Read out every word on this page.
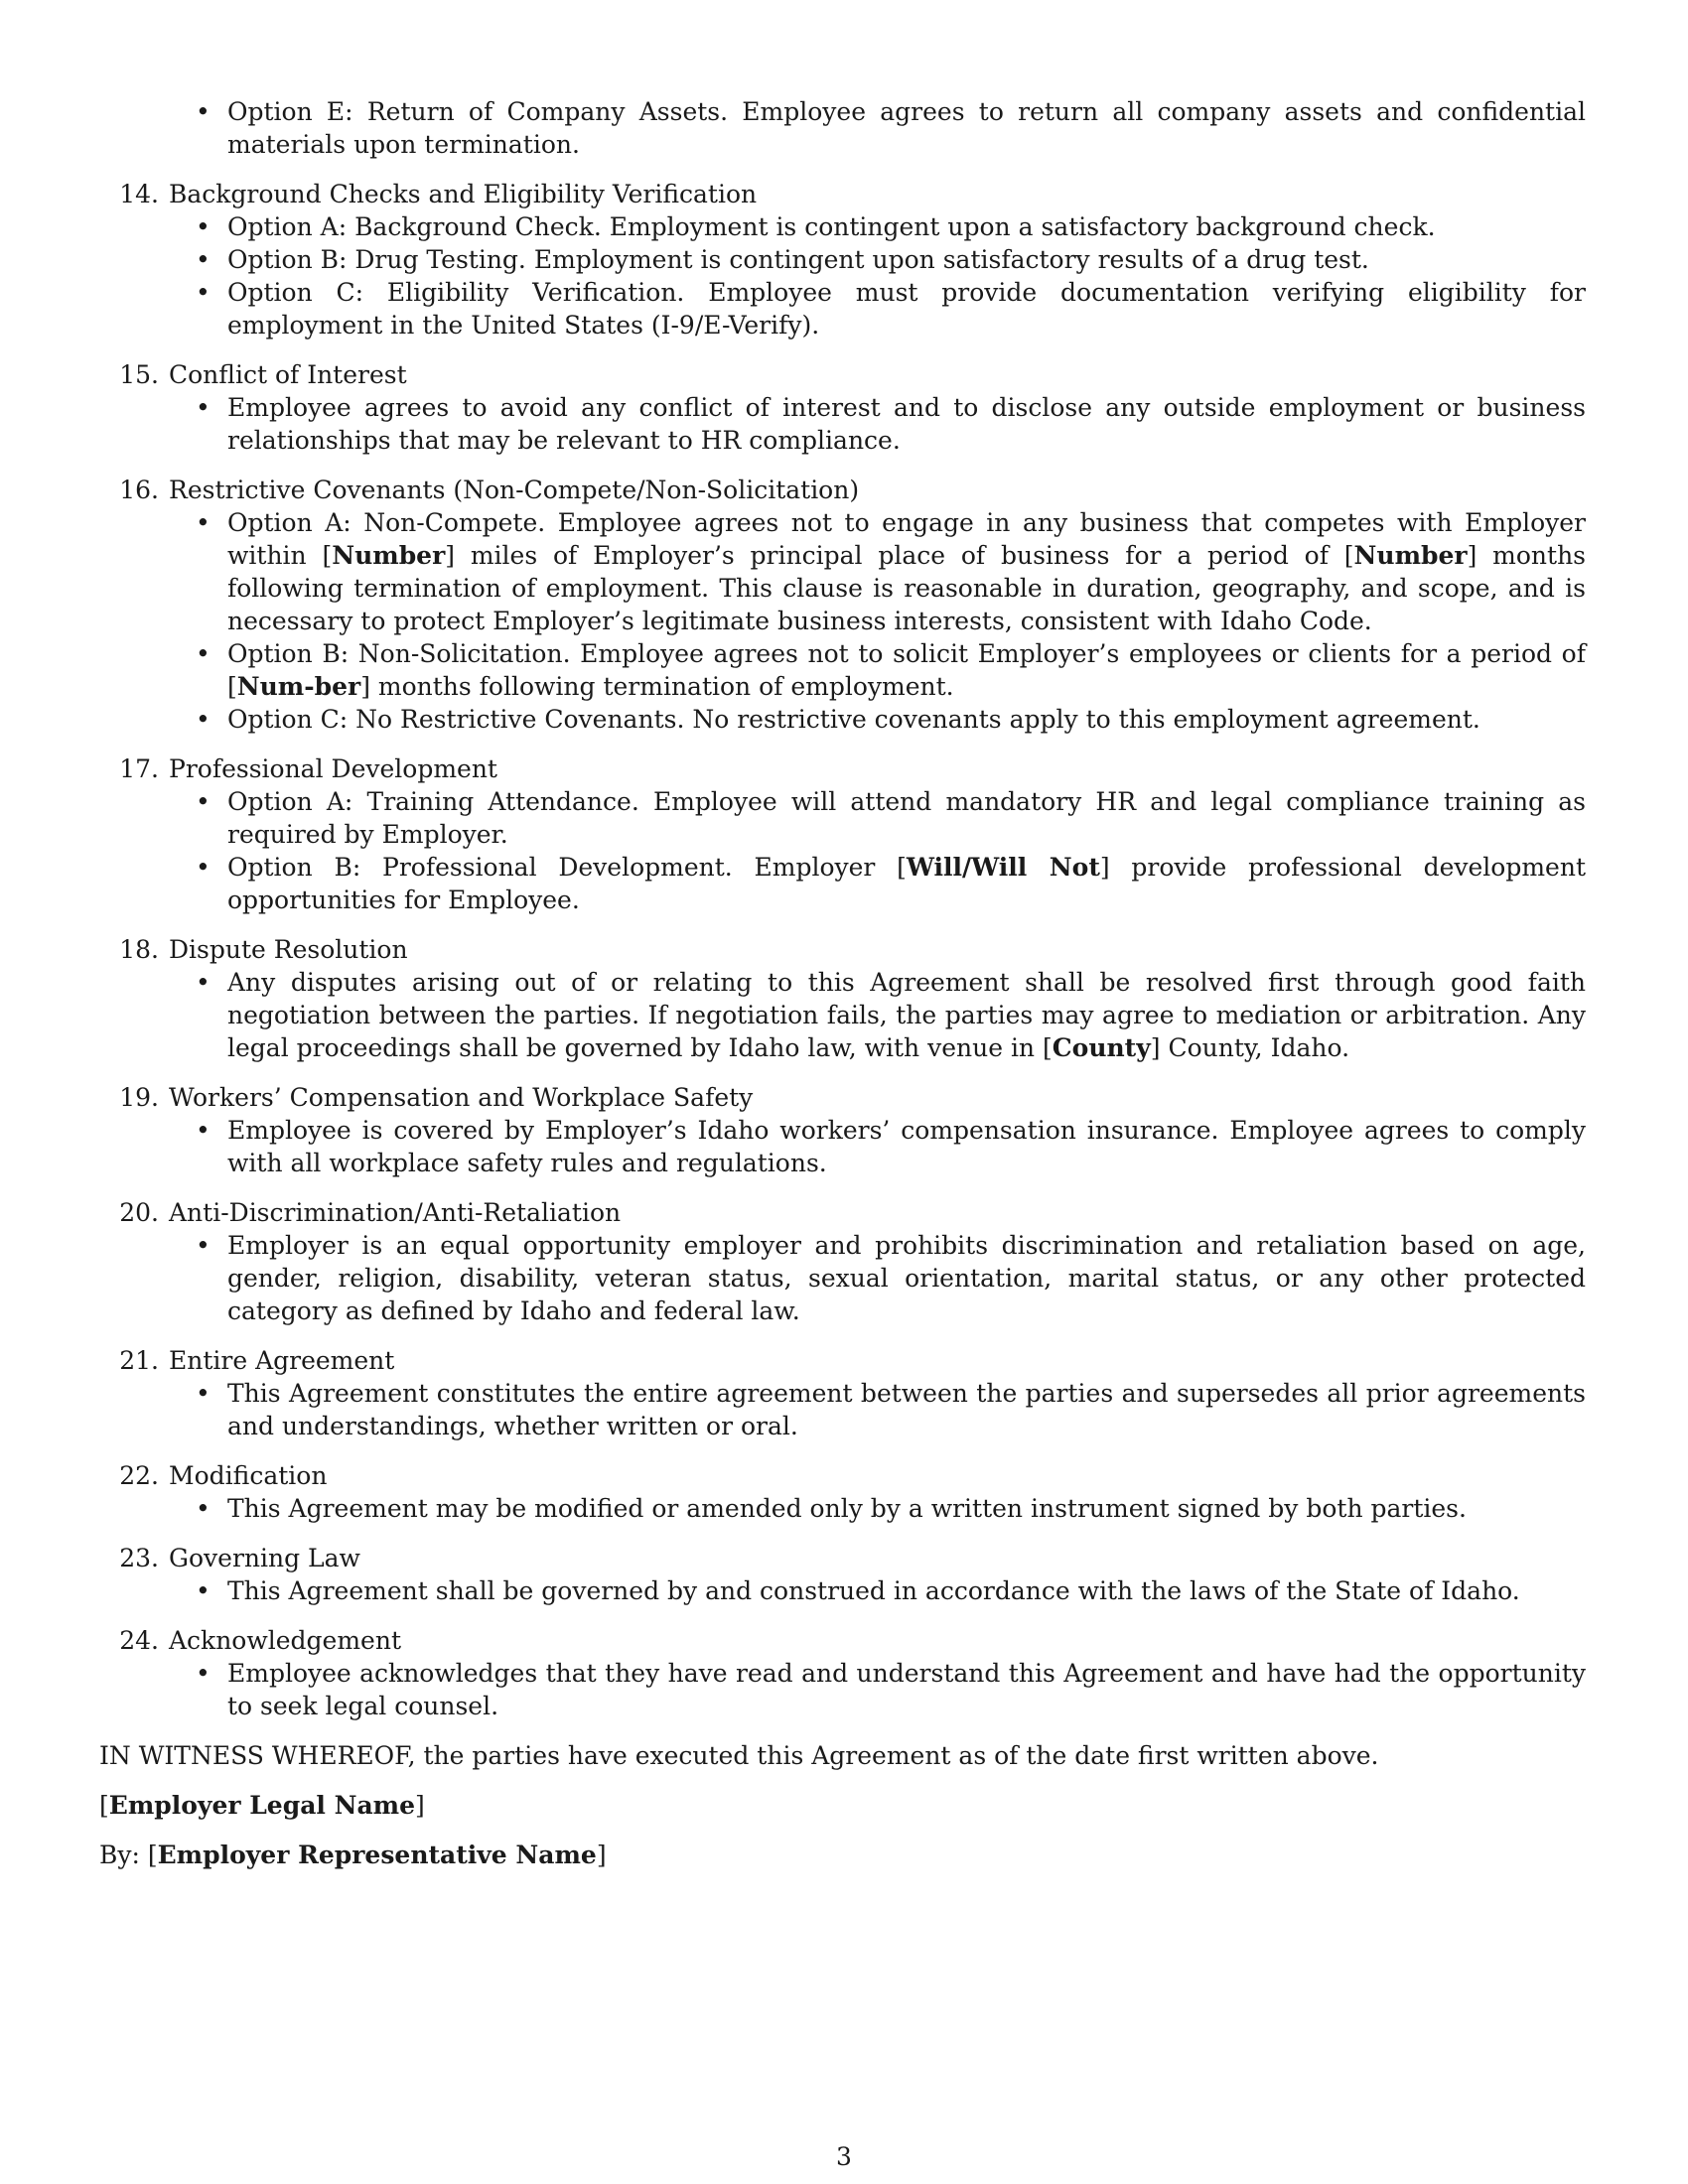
• Option E: Return of Company Assets. Employee agrees to return all company assets and confidential materials upon termination.
14. Background Checks and Eligibility Verification
• Option A: Background Check. Employment is contingent upon a satisfactory background check.
• Option B: Drug Testing. Employment is contingent upon satisfactory results of a drug test.
• Option C: Eligibility Verification. Employee must provide documentation verifying eligibility for employment in the United States (I-9/E-Verify).
15. Conflict of Interest
• Employee agrees to avoid any conflict of interest and to disclose any outside employment or business relationships that may be relevant to HR compliance.
16. Restrictive Covenants (Non-Compete/Non-Solicitation)
• Option A: Non-Compete. Employee agrees not to engage in any business that competes with Employer within [Number] miles of Employer’s principal place of business for a period of [Number] months following termination of employment. This clause is reasonable in duration, geography, and scope, and is necessary to protect Employer’s legitimate business interests, consistent with Idaho Code.
• Option B: Non-Solicitation. Employee agrees not to solicit Employer’s employees or clients for a period of [Num-ber] months following termination of employment.
• Option C: No Restrictive Covenants. No restrictive covenants apply to this employment agreement.
17. Professional Development
• Option A: Training Attendance. Employee will attend mandatory HR and legal compliance training as required by Employer.
• Option B: Professional Development. Employer [Will/Will Not] provide professional development opportunities for Employee.
18. Dispute Resolution
• Any disputes arising out of or relating to this Agreement shall be resolved first through good faith negotiation between the parties. If negotiation fails, the parties may agree to mediation or arbitration. Any legal proceedings shall be governed by Idaho law, with venue in [County] County, Idaho.
19. Workers’ Compensation and Workplace Safety
• Employee is covered by Employer’s Idaho workers’ compensation insurance. Employee agrees to comply with all workplace safety rules and regulations.
20. Anti-Discrimination/Anti-Retaliation
• Employer is an equal opportunity employer and prohibits discrimination and retaliation based on age, gender, religion, disability, veteran status, sexual orientation, marital status, or any other protected category as defined by Idaho and federal law.
21. Entire Agreement
• This Agreement constitutes the entire agreement between the parties and supersedes all prior agreements and understandings, whether written or oral.
22. Modification
• This Agreement may be modified or amended only by a written instrument signed by both parties.
23. Governing Law
• This Agreement shall be governed by and construed in accordance with the laws of the State of Idaho.
24. Acknowledgement
• Employee acknowledges that they have read and understand this Agreement and have had the opportunity to seek legal counsel.

IN WITNESS WHEREOF, the parties have executed this Agreement as of the date first written above.

[Employer Legal Name]
By: [Employer Representative Name]
3
